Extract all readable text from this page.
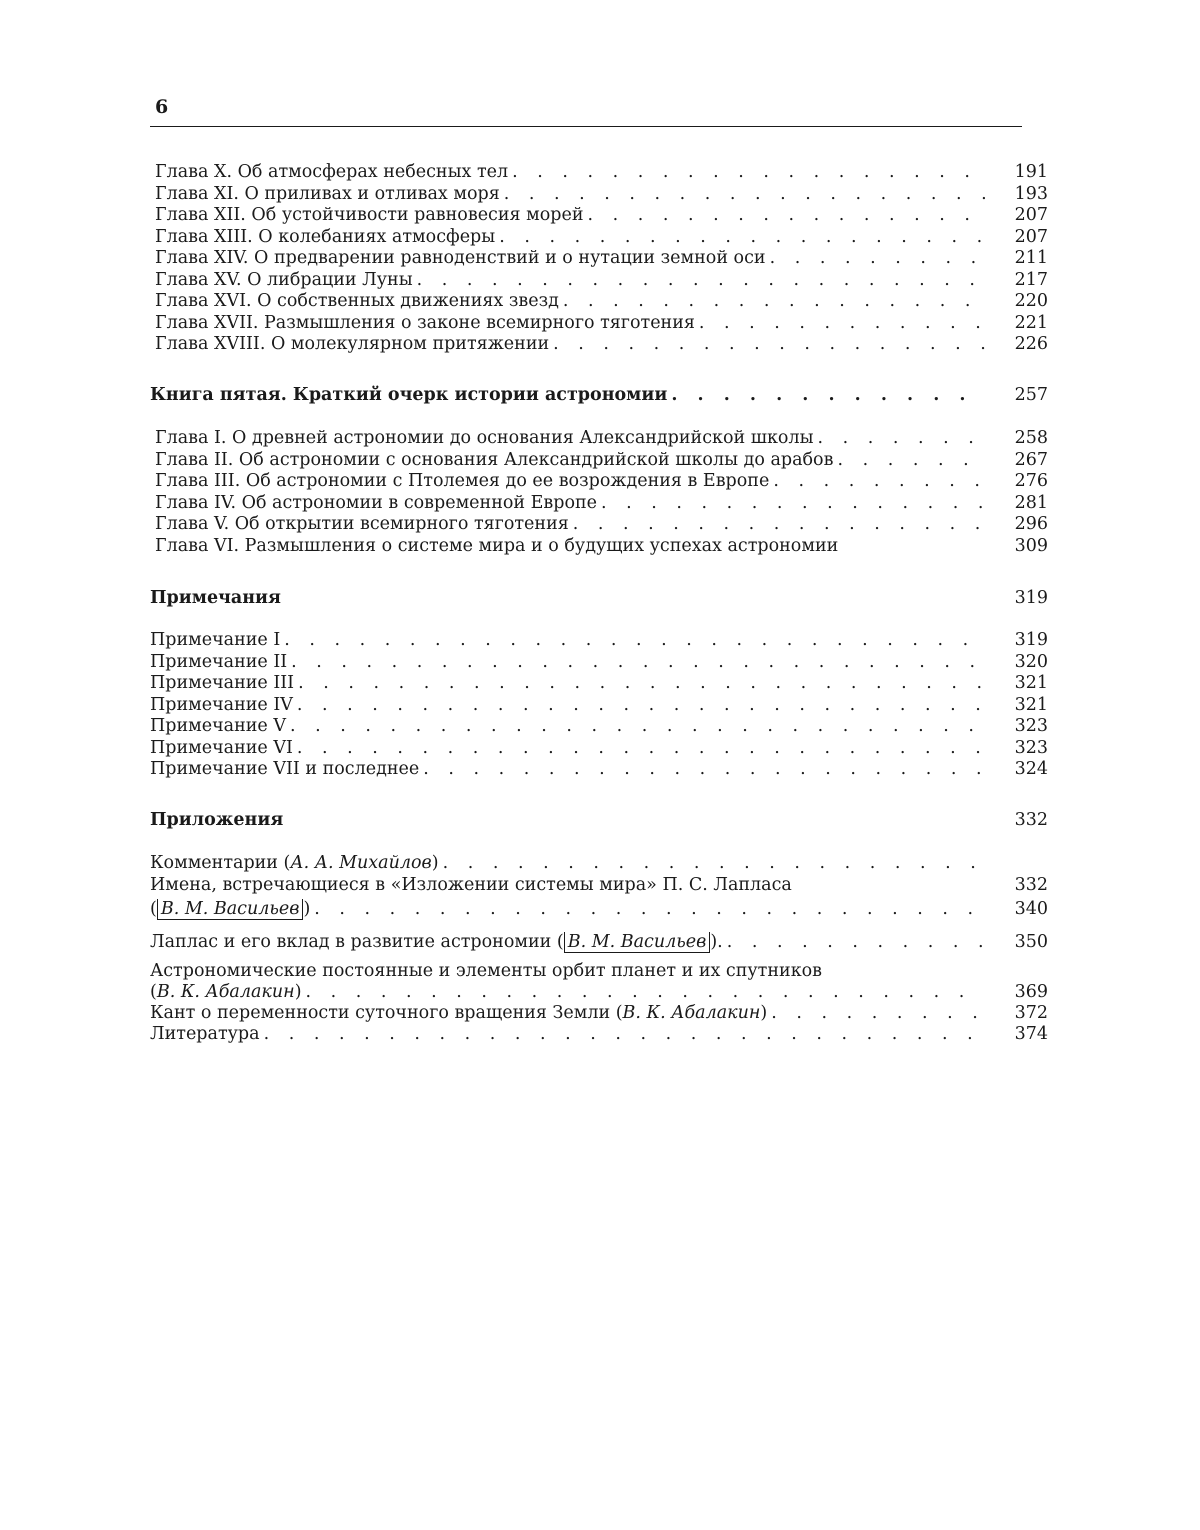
6
Глава X. Об атмосферах небесных тел . . . . . . . . . . . . . . . . . . .	191
Глава XI. О приливах и отливах моря . . . . . . . . . . . . . . . . . . .	193
Глава XII. Об устойчивости равновесия морей . . . . . . . . . . . . . . . .	207
Глава XIII. О колебаниях атмосферы . . . . . . . . . . . . . . . . . . .	207
Глава XIV. О предварении равноденствий и о нутации земной оси . . . . . . . . .	211
Глава XV. О либрации Луны . . . . . . . . . . . . . . . . . . . . . . .	217
Глава XVI. О собственных движениях звезд . . . . . . . . . . . . . . . . .	220
Глава XVII. Размышления о законе всемирного тяготения . . . . . . . . . . .	221
Глава XVIII. О молекулярном притяжении . . . . . . . . . . . . . . . . .	226
Книга пятая. Краткий очерк истории астрономии . . . . . . . . . . . .	257
Глава I. О древней астрономии до основания Александрийской школы . . . . . . .	258
Глава II. Об астрономии с основания Александрийской школы до арабов . . . . . .	267
Глава III. Об астрономии с Птолемея до ее возрождения в Европе . . . . . . . .	276
Глава IV. Об астрономии в современной Европе . . . . . . . . . . . . . . .	281
Глава V. Об открытии всемирного тяготения . . . . . . . . . . . . . . . .	296
Глава VI. Размышления о системе мира и о будущих успехах астрономии	309
Примечания	319
Примечание I . . . . . . . . . . . . . . . . . . . . . . . . . . . .	319
Примечание II . . . . . . . . . . . . . . . . . . . . . . . . . . . .	320
Примечание III . . . . . . . . . . . . . . . . . . . . . . . . . . .	321
Примечание IV . . . . . . . . . . . . . . . . . . . . . . . . . . .	321
Примечание V . . . . . . . . . . . . . . . . . . . . . . . . . . . .	323
Примечание VI . . . . . . . . . . . . . . . . . . . . . . . . . . .	323
Примечание VII и последнее . . . . . . . . . . . . . . . . . . . . . .	324
Приложения	332
Комментарии (А. А. Михайлов) . . . . . . . . . . . . . . . . . . . . . .
Имена, встречающиеся в «Изложении системы мира» П. С. Лапласа	332
( В. М. Васильев ) . . . . . . . . . . . . . . . . . . . . . . . . . . .	340
Лаплас и его вклад в развитие астрономии ( В. М. Васильев ). . . . . . . . . . .	350
Астрономические постоянные и элементы орбит планет и их спутников
(В. К. Абалакин) . . . . . . . . . . . . . . . . . . . . . . . . . . .	369
Кант о переменности суточного вращения Земли (В. К. Абалакин) . . . . . . . . .	372
Литература . . . . . . . . . . . . . . . . . . . . . . . . . . . . .	374
